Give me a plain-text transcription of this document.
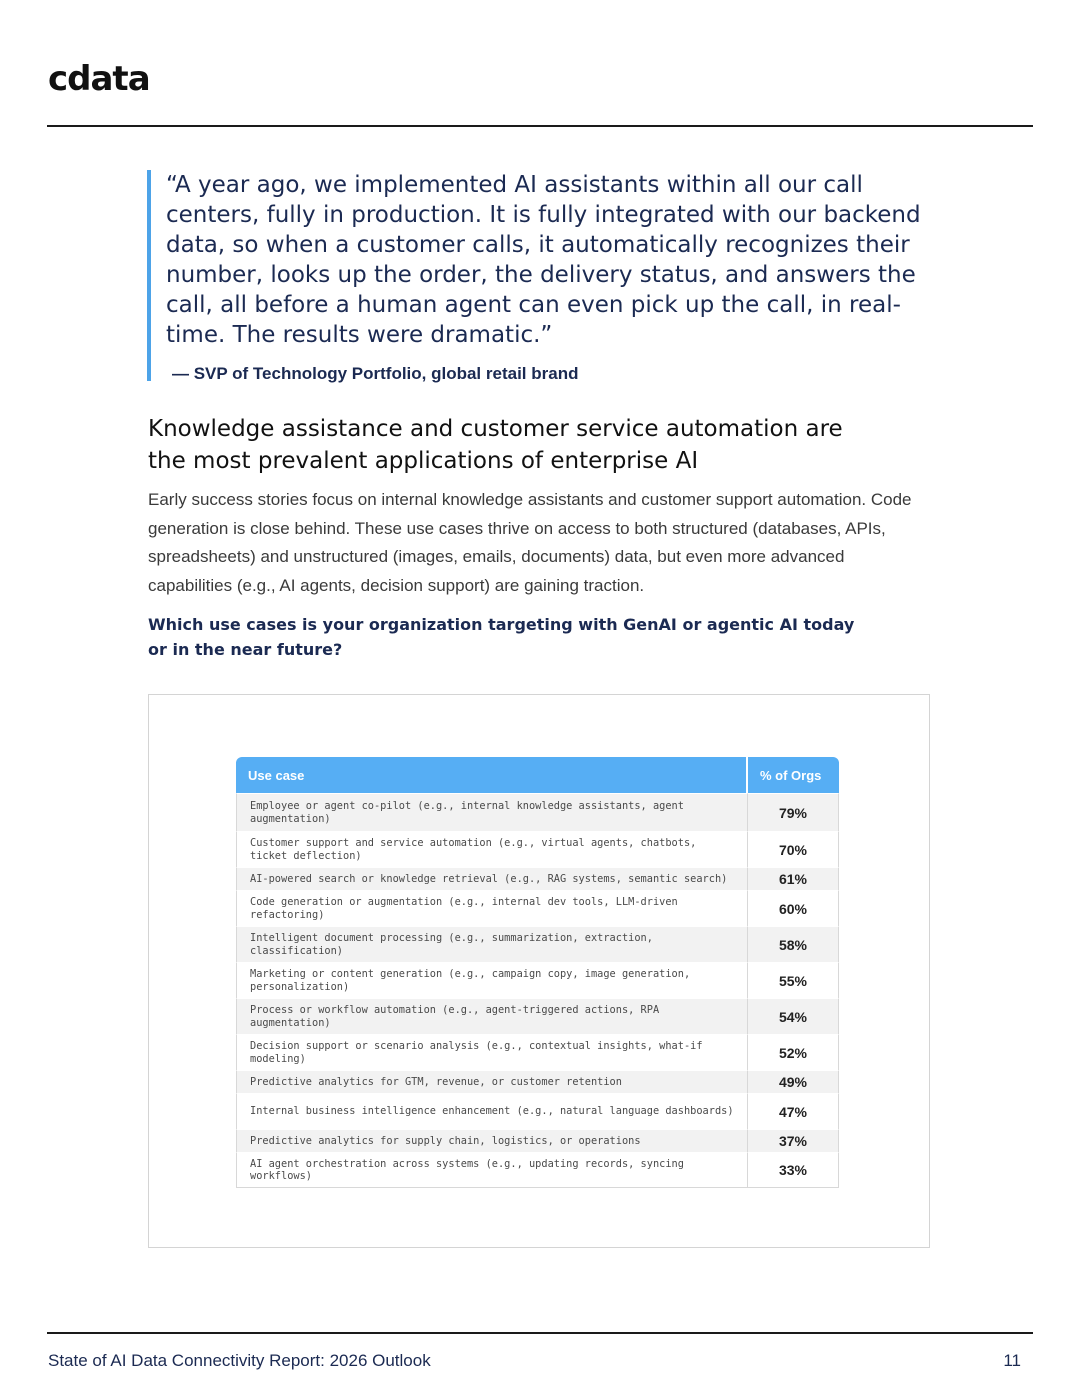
cdata

“A year ago, we implemented AI assistants within all our call centers, fully in production. It is fully integrated with our backend data, so when a customer calls, it automatically recognizes their number, looks up the order, the delivery status, and answers the call, all before a human agent can even pick up the call, in real-time. The results were dramatic.”

— SVP of Technology Portfolio, global retail brand
Knowledge assistance and customer service automation are the most prevalent applications of enterprise AI

Early success stories focus on internal knowledge assistants and customer support automation. Code generation is close behind. These use cases thrive on access to both structured (databases, APIs, spreadsheets) and unstructured (images, emails, documents) data, but even more advanced capabilities (e.g., AI agents, decision support) are gaining traction.

Which use cases is your organization targeting with GenAI or agentic AI today or in the near future?

Use case	% of Orgs
Employee or agent co-pilot (e.g., internal knowledge assistants, agent augmentation)	79%
Customer support and service automation (e.g., virtual agents, chatbots, ticket deflection)	70%
AI-powered search or knowledge retrieval (e.g., RAG systems, semantic search)	61%
Code generation or augmentation (e.g., internal dev tools, LLM-driven refactoring)	60%
Intelligent document processing (e.g., summarization, extraction, classification)	58%
Marketing or content generation (e.g., campaign copy, image generation, personalization)	55%
Process or workflow automation (e.g., agent-triggered actions, RPA augmentation)	54%
Decision support or scenario analysis (e.g., contextual insights, what-if modeling)	52%
Predictive analytics for GTM, revenue, or customer retention	49%
Internal business intelligence enhancement (e.g., natural language dashboards)	47%
Predictive analytics for supply chain, logistics, or operations	37%
AI agent orchestration across systems (e.g., updating records, syncing workflows)	33%
State of AI Data Connectivity Report: 2026 Outlook	11
